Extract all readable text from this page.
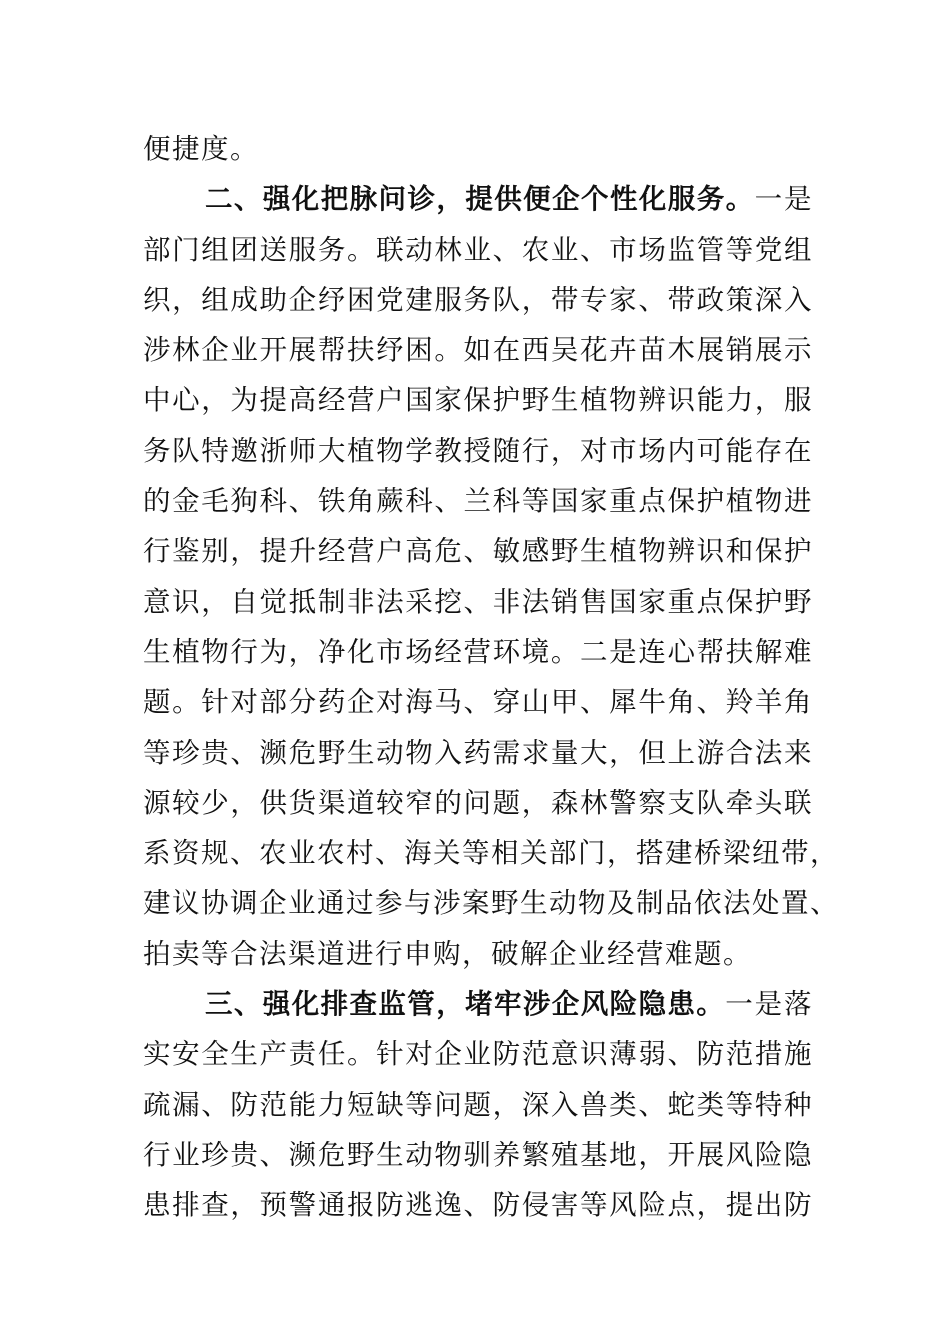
便捷度。
二、强化把脉问诊，提供便企个性化服务。一是
部门组团送服务。联动林业、农业、市场监管等党组
织，组成助企纾困党建服务队，带专家、带政策深入
涉林企业开展帮扶纾困。如在西吴花卉苗木展销展示
中心，为提高经营户国家保护野生植物辨识能力，服
务队特邀浙师大植物学教授随行，对市场内可能存在
的金毛狗科、铁角蕨科、兰科等国家重点保护植物进
行鉴别，提升经营户高危、敏感野生植物辨识和保护
意识，自觉抵制非法采挖、非法销售国家重点保护野
生植物行为，净化市场经营环境。二是连心帮扶解难
题。针对部分药企对海马、穿山甲、犀牛角、羚羊角
等珍贵、濒危野生动物入药需求量大，但上游合法来
源较少，供货渠道较窄的问题，森林警察支队牵头联
系资规、农业农村、海关等相关部门，搭建桥梁纽带，
建议协调企业通过参与涉案野生动物及制品依法处置、
拍卖等合法渠道进行申购，破解企业经营难题。
三、强化排查监管，堵牢涉企风险隐患。一是落
实安全生产责任。针对企业防范意识薄弱、防范措施
疏漏、防范能力短缺等问题，深入兽类、蛇类等特种
行业珍贵、濒危野生动物驯养繁殖基地，开展风险隐
患排查，预警通报防逃逸、防侵害等风险点，提出防
